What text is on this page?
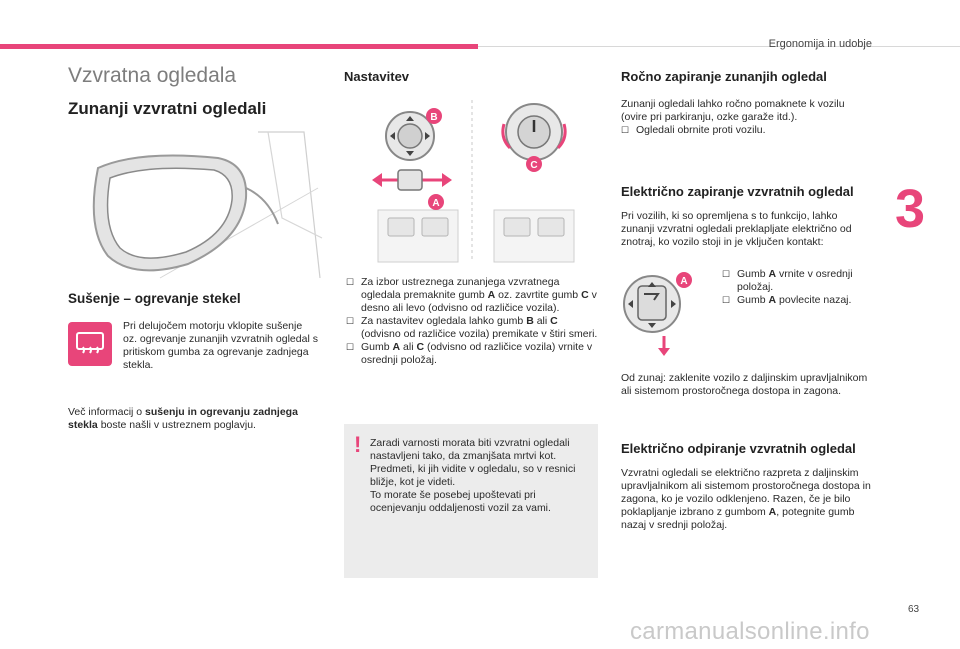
Ergonomija in udobje
3
63
carmanualsonline.info
Vzvratna ogledala
Zunanji vzvratni ogledali
Sušenje – ogrevanje stekel
Pri delujočem motorju vklopite sušenje oz. ogrevanje zunanjih vzvratnih ogledal s pritiskom gumba za ogrevanje zadnjega stekla.
Več informacij o sušenju in ogrevanju zadnjega stekla boste našli v ustreznem poglavju.
Nastavitev
B
A
C
☐ Za izbor ustreznega zunanjega vzvratnega ogledala premaknite gumb A oz. zavrtite gumb C v desno ali levo (odvisno od različice vozila).
☐ Za nastavitev ogledala lahko gumb B ali C (odvisno od različice vozila) premikate v štiri smeri.
☐ Gumb A ali C (odvisno od različice vozila) vrnite v osrednji položaj.
! Zaradi varnosti morata biti vzvratni ogledali nastavljeni tako, da zmanjšata mrtvi kot.
Predmeti, ki jih vidite v ogledalu, so v resnici bližje, kot je videti.
To morate še posebej upoštevati pri ocenjevanju oddaljenosti vozil za vami.
Ročno zapiranje zunanjih ogledal
Zunanji ogledali lahko ročno pomaknete k vozilu (ovire pri parkiranju, ozke garaže itd.).
☐ Ogledali obrnite proti vozilu.
Električno zapiranje vzvratnih ogledal
Pri vozilih, ki so opremljena s to funkcijo, lahko zunanji vzvratni ogledali preklapljate električno od znotraj, ko vozilo stoji in je vključen kontakt:
A
☐ Gumb A vrnite v osrednji položaj.
☐ Gumb A povlecite nazaj.
Od zunaj: zaklenite vozilo z daljinskim upravljalnikom ali sistemom prostoročnega dostopa in zagona.
Električno odpiranje vzvratnih ogledal
Vzvratni ogledali se električno razpreta z daljinskim upravljalnikom ali sistemom prostoročnega dostopa in zagona, ko je vozilo odklenjeno. Razen, če je bilo poklapljanje izbrano z gumbom A, potegnite gumb nazaj v srednji položaj.
